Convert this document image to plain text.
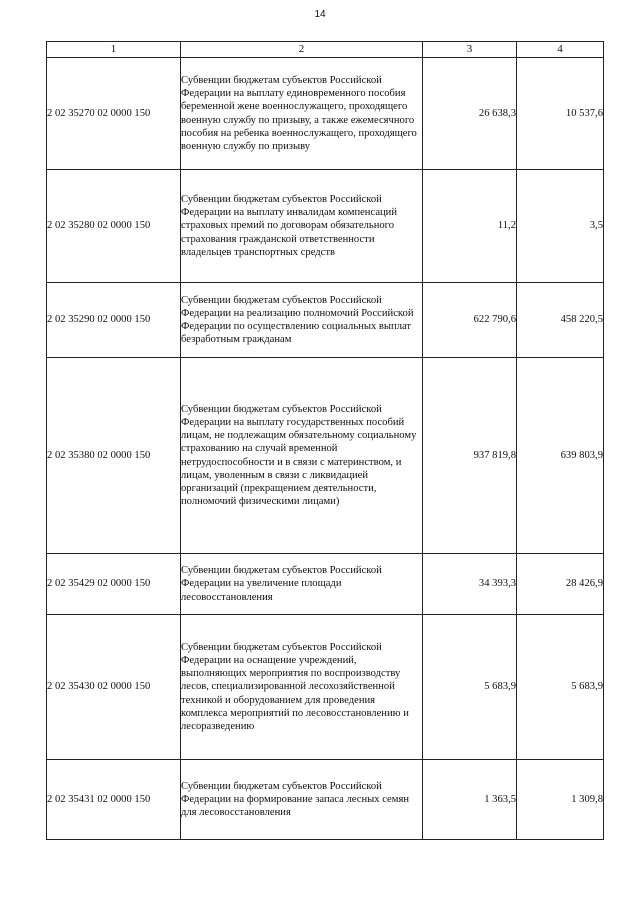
14
1	2	3	4
2 02 35270 02 0000 150	Субвенции бюджетам субъектов Российской Федерации на выплату единовременного пособия беременной жене военнослужащего, проходящего военную службу по призыву, а также ежемесячного пособия на ребенка военнослужащего, проходящего военную службу по призыву	26 638,3	10 537,6
2 02 35280 02 0000 150	Субвенции бюджетам субъектов Российской Федерации на выплату инвалидам компенсаций страховых премий по договорам обязательного страхования гражданской ответственности владельцев транспортных средств	11,2	3,5
2 02 35290 02 0000 150	Субвенции бюджетам субъектов Российской Федерации на реализацию полномочий Российской Федерации по осуществлению социальных выплат безработным гражданам	622 790,6	458 220,5
2 02 35380 02 0000 150	Субвенции бюджетам субъектов Российской Федерации на выплату государственных пособий лицам, не подлежащим обязательному социальному страхованию на случай временной нетрудоспособности и в связи с материнством, и лицам, уволенным в связи с ликвидацией организаций (прекращением деятельности, полномочий физическими лицами)	937 819,8	639 803,9
2 02 35429 02 0000 150	Субвенции бюджетам субъектов Российской Федерации на увеличение площади лесовосстановления	34 393,3	28 426,9
2 02 35430 02 0000 150	Субвенции бюджетам субъектов Российской Федерации на оснащение учреждений, выполняющих мероприятия по воспроизводству лесов, специализированной лесохозяйственной техникой и оборудованием для проведения комплекса мероприятий по лесовосстановлению и лесоразведению	5 683,9	5 683,9
2 02 35431 02 0000 150	Субвенции бюджетам субъектов Российской Федерации на формирование запаса лесных семян для лесовосстановления	1 363,5	1 309,8
